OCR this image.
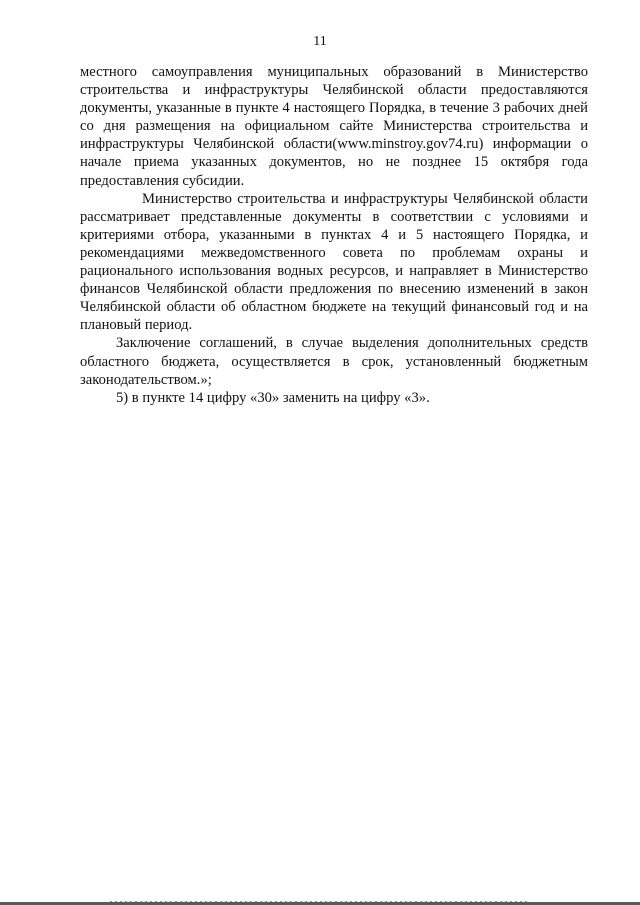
11

местного самоуправления муниципальных образований в Министерство строительства и инфраструктуры Челябинской области предоставляются документы, указанные в пункте 4 настоящего Порядка, в течение 3 рабочих дней со дня размещения на официальном сайте Министерства строительства и инфраструктуры Челябинской области(www.minstroy.gov74.ru) информации о начале приема указанных документов, но не позднее 15 октября года предоставления субсидии.

Министерство строительства и инфраструктуры Челябинской области рассматривает представленные документы в соответствии с условиями и критериями отбора, указанными в пунктах 4 и 5 настоящего Порядка, и рекомендациями межведомственного совета по проблемам охраны и рационального использования водных ресурсов, и направляет в Министерство финансов Челябинской области предложения по внесению изменений в закон Челябинской области об областном бюджете на текущий финансовый год и на плановый период.

Заключение соглашений, в случае выделения дополнительных средств областного бюджета, осуществляется в срок, установленный бюджетным законодательством.»;

5) в пункте 14 цифру «30» заменить на цифру «3».
